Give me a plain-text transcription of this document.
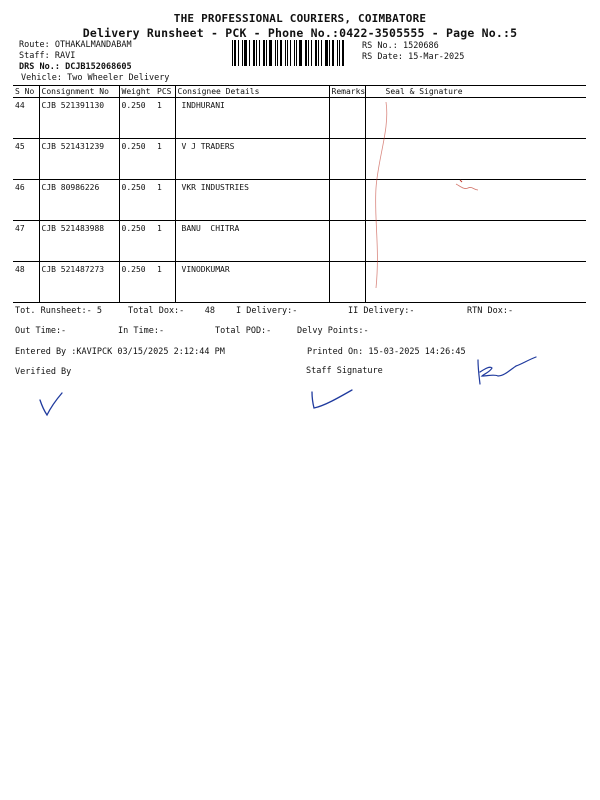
THE PROFESSIONAL COURIERS, COIMBATORE
Delivery Runsheet - PCK - Phone No.:0422-3505555 - Page No.:5
Route: OTHAKALMANDABAM
Staff: RAVI
DRS No.: DCJB152068605
Vehicle: Two Wheeler Delivery
RS No.: 1520686
RS Date: 15-Mar-2025
S No	Consignment No	Weight	PCS	Consignee Details	Remarks	Seal & Signature
44	CJB 521391130	0.250	1	INDHURANI		
45	CJB 521431239	0.250	1	V J TRADERS		
46	CJB 80986226	0.250	1	VKR INDUSTRIES		
47	CJB 521483988	0.250	1	BANU  CHITRA		
48	CJB 521487273	0.250	1	VINODKUMAR		
Tot. Runsheet:- 5	Total Dox:-    48 I Delivery:-	II Delivery:-	RTN Dox:-
Out Time:-	In Time:-	Total POD:-	Delvy Points:-
Entered By :KAVIPCK 03/15/2025 2:12:44 PM	Printed On: 15-03-2025 14:26:45
Verified By	Staff Signature
